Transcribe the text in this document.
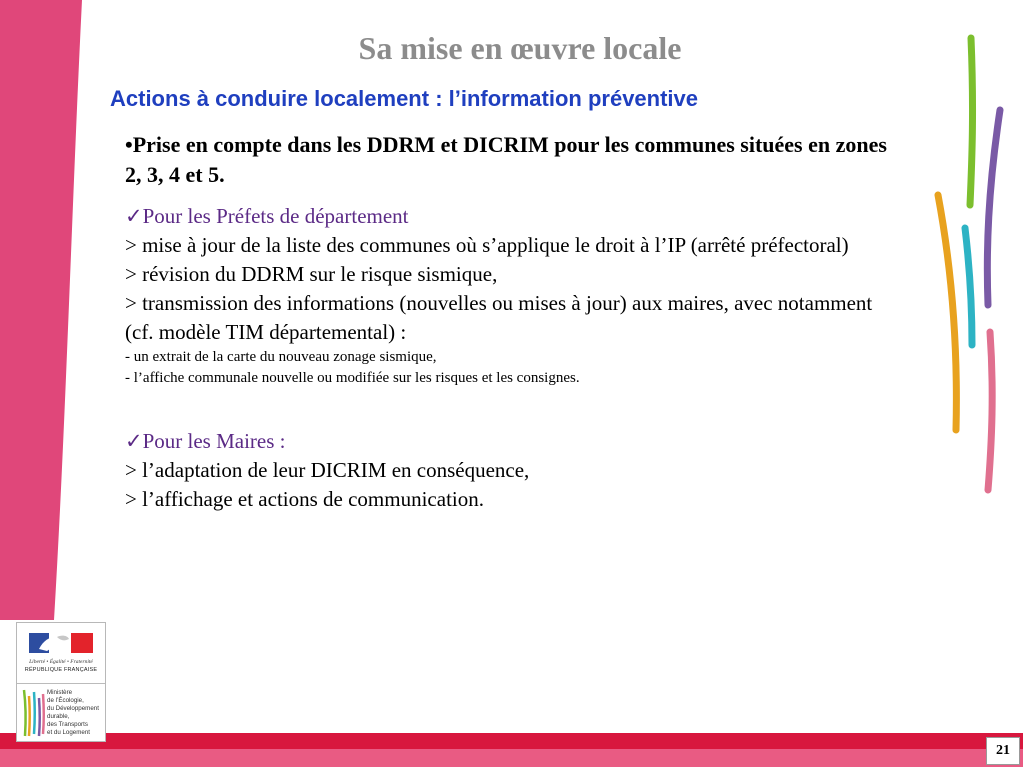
Sa mise en œuvre locale
Actions à conduire localement : l’information préventive

•Prise en compte dans les DDRM et DICRIM pour les communes situées en zones 2, 3, 4 et 5.

✓Pour les Préfets de département

> mise à jour de la liste des communes où s’applique le droit à l’IP (arrêté préfectoral)

> révision du DDRM sur le risque sismique,

> transmission des informations (nouvelles ou mises à jour) aux maires, avec notamment (cf. modèle TIM départemental) :

- un extrait de la carte du nouveau zonage sismique,

- l’affiche communale nouvelle ou modifiée sur les risques et les consignes.

✓Pour les Maires :

> l’adaptation de leur DICRIM en conséquence,

> l’affichage et actions de communication.

Liberté • Égalité • Fraternité
RÉPUBLIQUE FRANÇAISE
Ministère
de l’Écologie,
du Développement
durable,
des Transports
et du Logement
21
